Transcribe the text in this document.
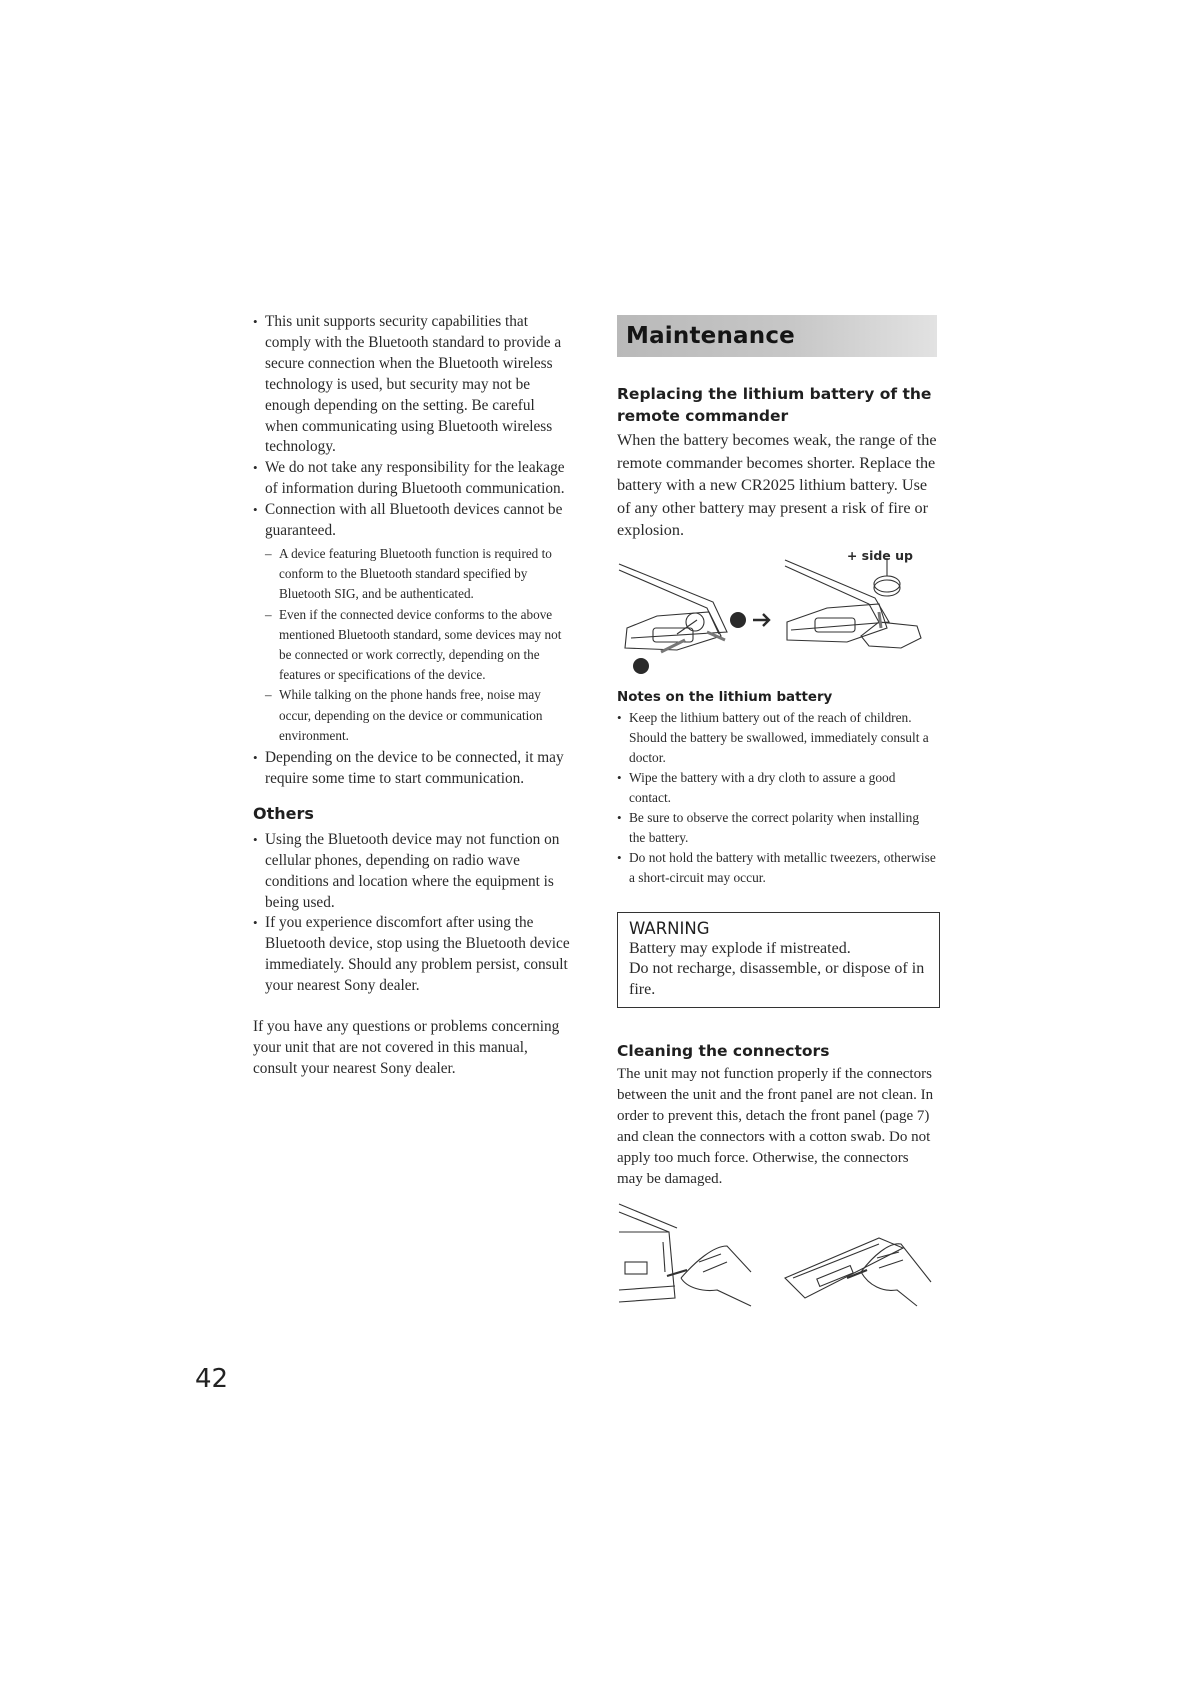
• This unit supports security capabilities that comply with the Bluetooth standard to provide a secure connection when the Bluetooth wireless technology is used, but security may not be enough depending on the setting. Be careful when communicating using Bluetooth wireless technology.
• We do not take any responsibility for the leakage of information during Bluetooth communication.
• Connection with all Bluetooth devices cannot be guaranteed.
– A device featuring Bluetooth function is required to conform to the Bluetooth standard specified by Bluetooth SIG, and be authenticated.
– Even if the connected device conforms to the above mentioned Bluetooth standard, some devices may not be connected or work correctly, depending on the features or specifications of the device.
– While talking on the phone hands free, noise may occur, depending on the device or communication environment.
• Depending on the device to be connected, it may require some time to start communication.
Others
• Using the Bluetooth device may not function on cellular phones, depending on radio wave conditions and location where the equipment is being used.
• If you experience discomfort after using the Bluetooth device, stop using the Bluetooth device immediately. Should any problem persist, consult your nearest Sony dealer.

If you have any questions or problems concerning your unit that are not covered in this manual, consult your nearest Sony dealer.

Maintenance
Replacing the lithium battery of the remote commander

When the battery becomes weak, the range of the remote commander becomes shorter. Replace the battery with a new CR2025 lithium battery. Use of any other battery may present a risk of fire or explosion.

+ side up
Notes on the lithium battery
• Keep the lithium battery out of the reach of children. Should the battery be swallowed, immediately consult a doctor.
• Wipe the battery with a dry cloth to assure a good contact.
• Be sure to observe the correct polarity when installing the battery.
• Do not hold the battery with metallic tweezers, otherwise a short-circuit may occur.
WARNING
Battery may explode if mistreated.
Do not recharge, disassemble, or dispose of in fire.
Cleaning the connectors

The unit may not function properly if the connectors between the unit and the front panel are not clean. In order to prevent this, detach the front panel (page 7) and clean the connectors with a cotton swab. Do not apply too much force. Otherwise, the connectors may be damaged.

42
